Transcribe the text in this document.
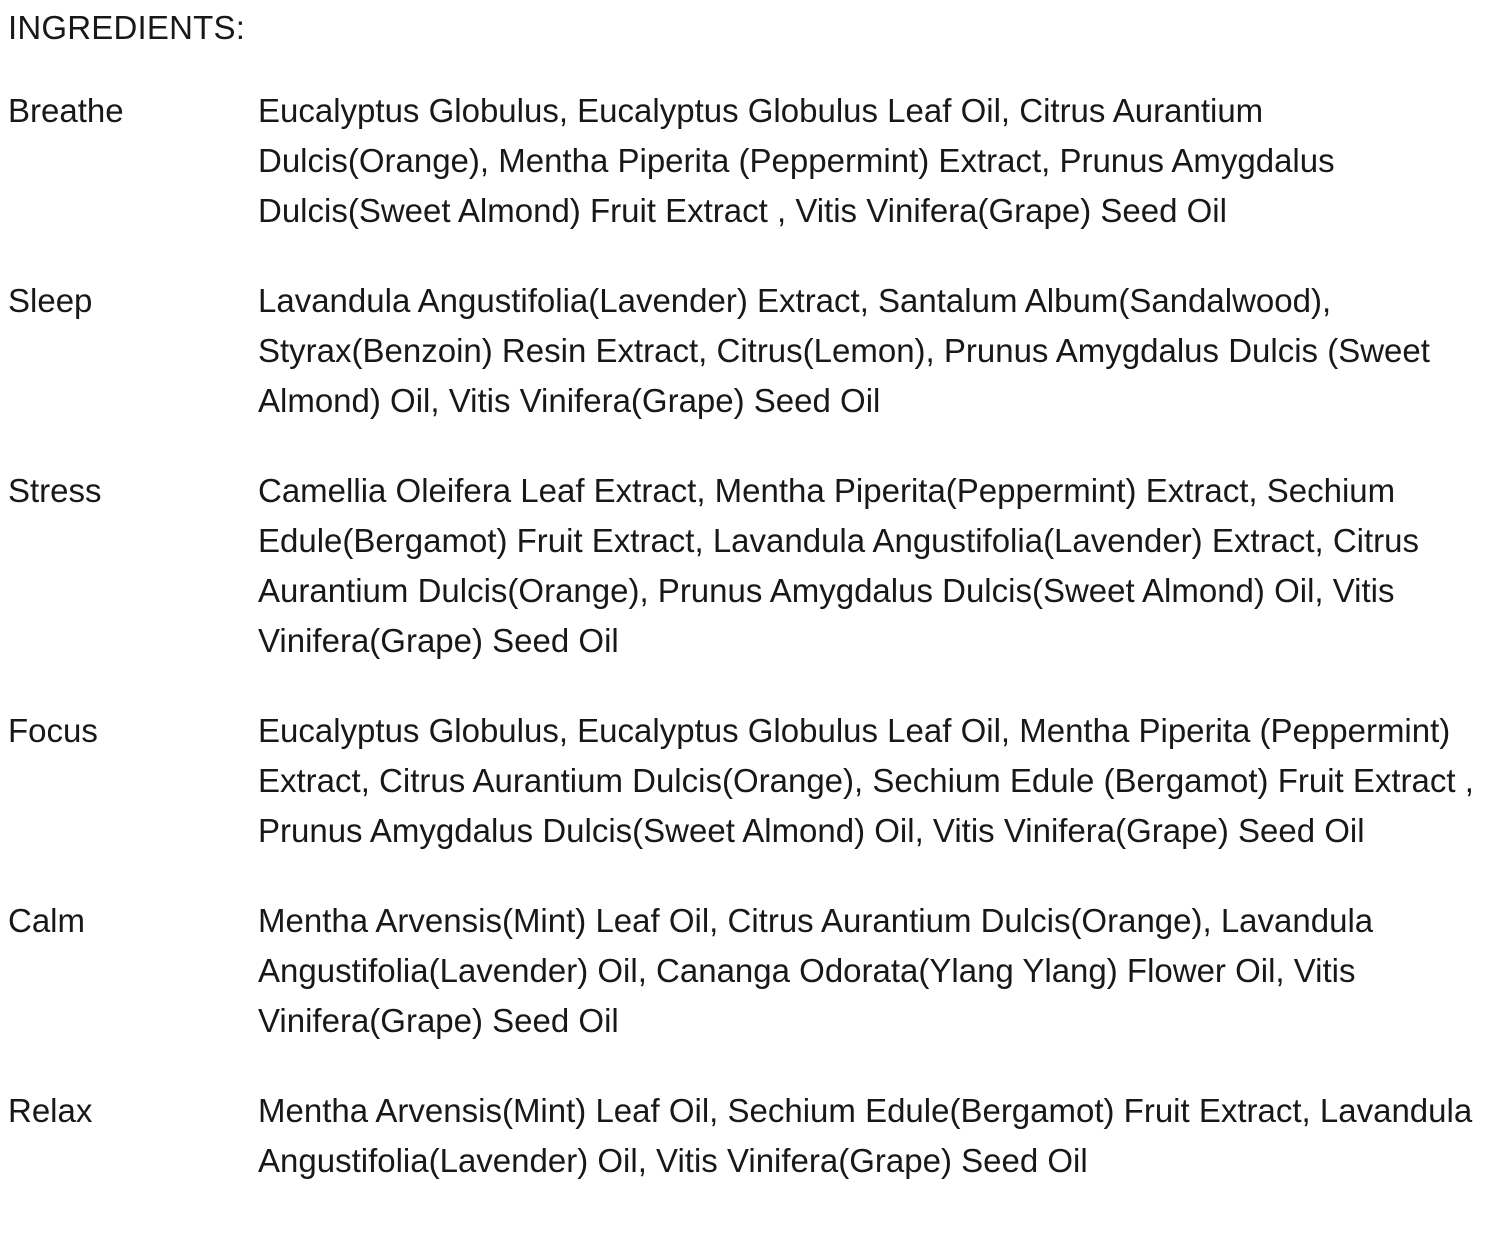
INGREDIENTS:
Breathe	Eucalyptus Globulus, Eucalyptus Globulus Leaf Oil, Citrus Aurantium Dulcis(Orange), Mentha Piperita (Peppermint) Extract, Prunus Amygdalus Dulcis(Sweet Almond) Fruit Extract , Vitis Vinifera(Grape) Seed Oil
Sleep	Lavandula Angustifolia(Lavender) Extract, Santalum Album(Sandalwood), Styrax(Benzoin) Resin Extract, Citrus(Lemon), Prunus Amygdalus Dulcis (Sweet Almond) Oil, Vitis Vinifera(Grape) Seed Oil
Stress	Camellia Oleifera Leaf Extract, Mentha Piperita(Peppermint) Extract, Sechium Edule(Bergamot) Fruit Extract, Lavandula Angustifolia(Lavender) Extract, Citrus Aurantium Dulcis(Orange), Prunus Amygdalus Dulcis(Sweet Almond) Oil, Vitis Vinifera(Grape) Seed Oil
Focus	Eucalyptus Globulus, Eucalyptus Globulus Leaf Oil, Mentha Piperita (Peppermint) Extract, Citrus Aurantium Dulcis(Orange), Sechium Edule (Bergamot) Fruit Extract , Prunus Amygdalus Dulcis(Sweet Almond) Oil, Vitis Vinifera(Grape) Seed Oil
Calm	Mentha Arvensis(Mint) Leaf Oil, Citrus Aurantium Dulcis(Orange), Lavandula Angustifolia(Lavender) Oil, Cananga Odorata(Ylang Ylang) Flower Oil, Vitis Vinifera(Grape) Seed Oil
Relax	Mentha Arvensis(Mint) Leaf Oil, Sechium Edule(Bergamot) Fruit Extract, Lavandula Angustifolia(Lavender) Oil, Vitis Vinifera(Grape) Seed Oil
